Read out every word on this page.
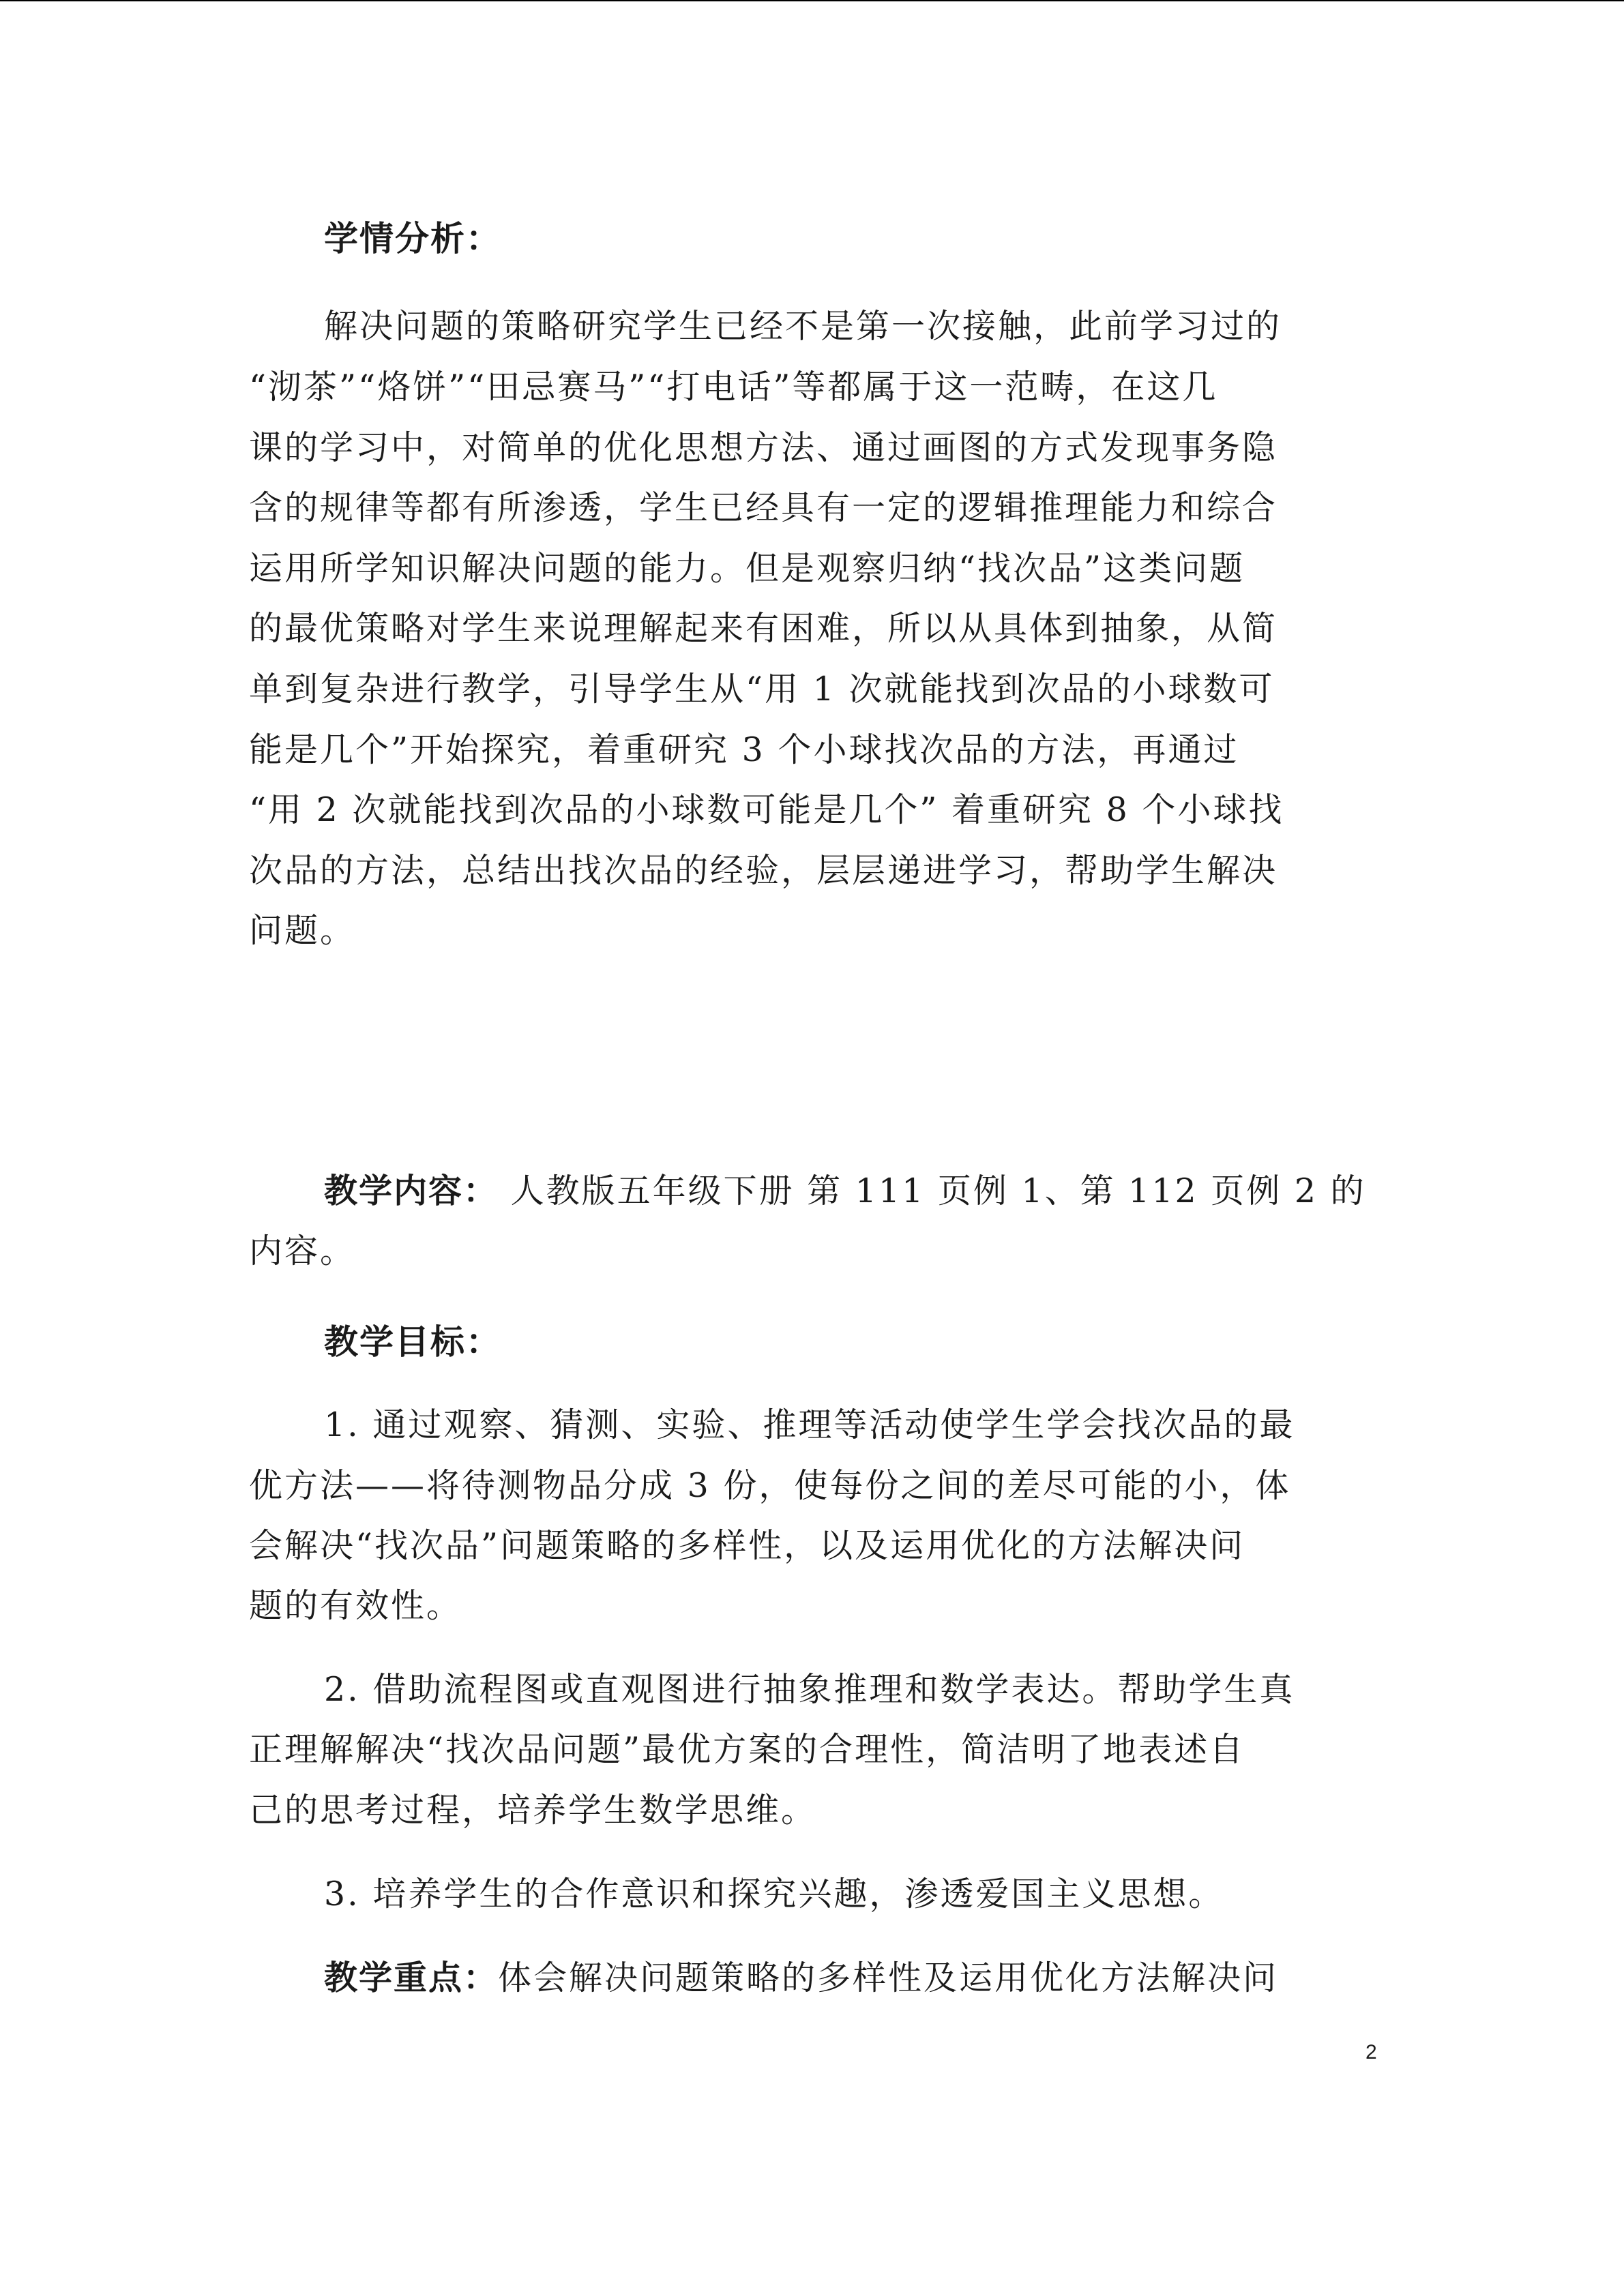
学情分析：
解决问题的策略研究学生已经不是第一次接触，此前学习过的
“沏茶”“烙饼”“田忌赛马”“打电话”等都属于这一范畴，在这几
课的学习中，对简单的优化思想方法、通过画图的方式发现事务隐
含的规律等都有所渗透，学生已经具有一定的逻辑推理能力和综合
运用所学知识解决问题的能力。但是观察归纳“找次品”这类问题
的最优策略对学生来说理解起来有困难，所以从具体到抽象，从简
单到复杂进行教学，引导学生从“用 1 次就能找到次品的小球数可
能是几个”开始探究，着重研究 3 个小球找次品的方法，再通过
“用 2 次就能找到次品的小球数可能是几个” 着重研究 8 个小球找
次品的方法，总结出找次品的经验，层层递进学习，帮助学生解决
问题。
教学内容： 人教版五年级下册 第 111 页例 1、第 112 页例 2 的
内容。
教学目标：
1. 通过观察、猜测、实验、推理等活动使学生学会找次品的最
优方法——将待测物品分成 3 份，使每份之间的差尽可能的小，体
会解决“找次品”问题策略的多样性，以及运用优化的方法解决问
题的有效性。
2. 借助流程图或直观图进行抽象推理和数学表达。帮助学生真
正理解解决“找次品问题”最优方案的合理性，简洁明了地表述自
己的思考过程，培养学生数学思维。
3. 培养学生的合作意识和探究兴趣，渗透爱国主义思想。
教学重点：体会解决问题策略的多样性及运用优化方法解决问
2
